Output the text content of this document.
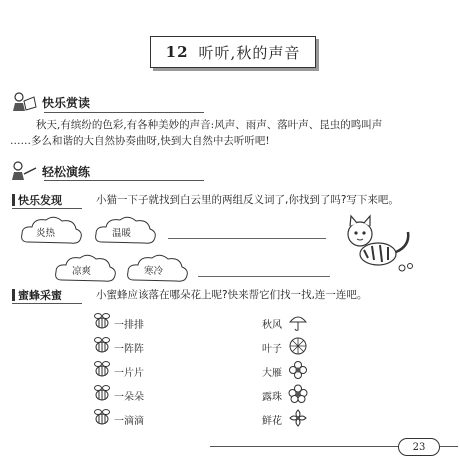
12 听听,秋的声音
快乐赏读
秋天,有缤纷的色彩,有各种美妙的声音:风声、雨声、落叶声、昆虫的鸣叫声
……多么和谐的大自然协奏曲呀,快到大自然中去听听吧!
轻松演练
快乐发现	小猫一下子就找到白云里的两组反义词了,你找到了吗?写下来吧。
炎热	温暖
凉爽	寒冷
蜜蜂采蜜	小蜜蜂应该落在哪朵花上呢?快来帮它们找一找,连一连吧。
一排排
一阵阵
一片片
一朵朵
一滴滴
秋风
叶子
大雁
露珠
鲜花
23
